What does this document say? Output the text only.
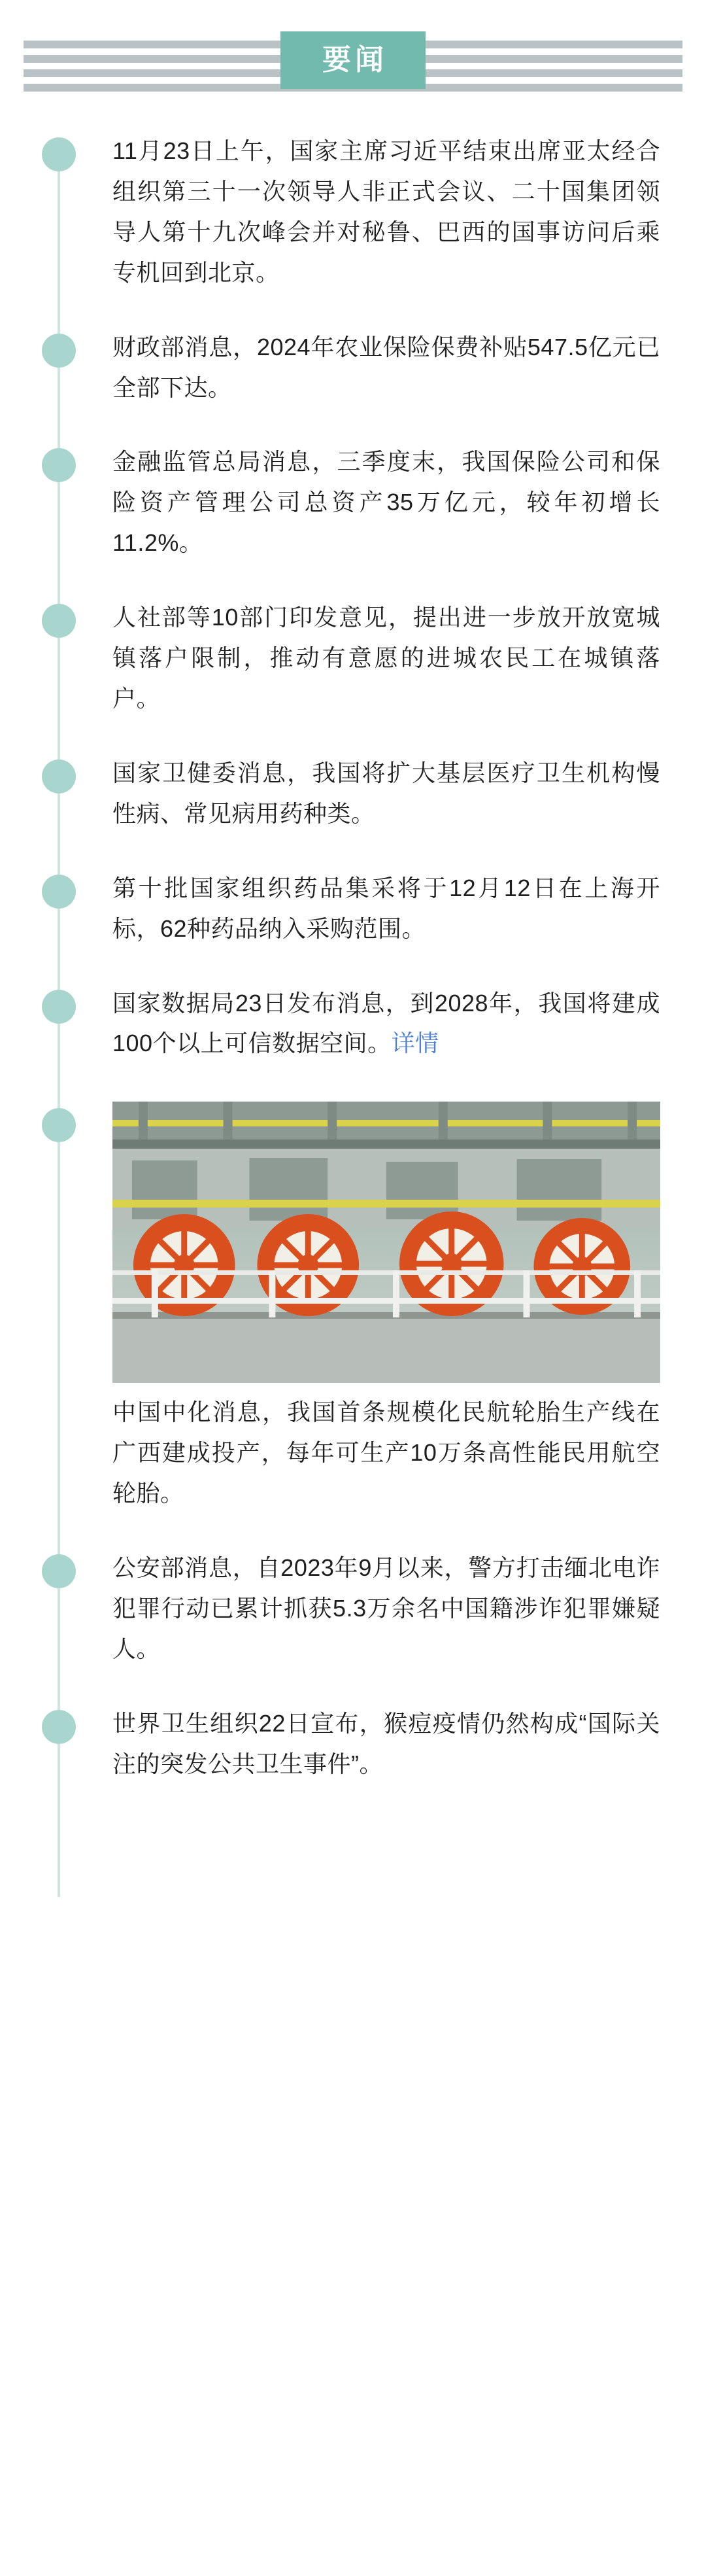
要闻
11月23日上午，国家主席习近平结束出席亚太经合组织第三十一次领导人非正式会议、二十国集团领导人第十九次峰会并对秘鲁、巴西的国事访问后乘专机回到北京。
财政部消息，2024年农业保险保费补贴547.5亿元已全部下达。
金融监管总局消息，三季度末，我国保险公司和保险资产管理公司总资产35万亿元，较年初增长11.2%。
人社部等10部门印发意见，提出进一步放开放宽城镇落户限制，推动有意愿的进城农民工在城镇落户。
国家卫健委消息，我国将扩大基层医疗卫生机构慢性病、常见病用药种类。
第十批国家组织药品集采将于12月12日在上海开标，62种药品纳入采购范围。
国家数据局23日发布消息，到2028年，我国将建成100个以上可信数据空间。详情
中国中化消息，我国首条规模化民航轮胎生产线在广西建成投产，每年可生产10万条高性能民用航空轮胎。
公安部消息，自2023年9月以来，警方打击缅北电诈犯罪行动已累计抓获5.3万余名中国籍涉诈犯罪嫌疑人。
世界卫生组织22日宣布，猴痘疫情仍然构成“国际关注的突发公共卫生事件”。
